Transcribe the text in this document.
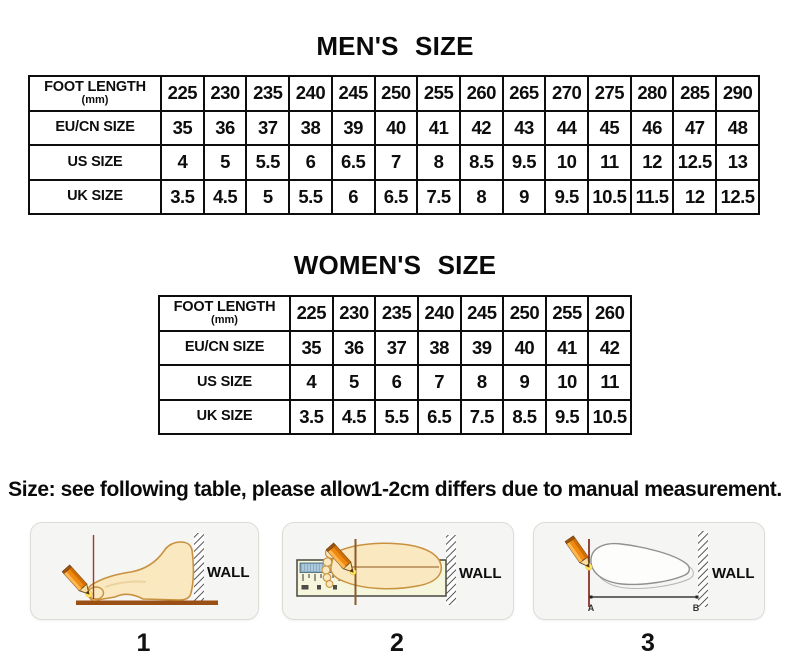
MEN'S SIZE
FOOT LENGTH
(mm)	225	230	235	240	245	250	255	260	265	270	275	280	285	290

EU/CN SIZE	35	36	37	38	39	40	41	42	43	44	45	46	47	48

US SIZE	4	5	5.5	6	6.5	7	8	8.5	9.5	10	11	12	12.5	13

UK SIZE	3.5	4.5	5	5.5	6	6.5	7.5	8	9	9.5	10.5	11.5	12	12.5
WOMEN'S SIZE
FOOT LENGTH
(mm)	225	230	235	240	245	250	255	260

EU/CN SIZE	35	36	37	38	39	40	41	42

US SIZE	4	5	6	7	8	9	10	11

UK SIZE	3.5	4.5	5.5	6.5	7.5	8.5	9.5	10.5
Size: see following table, please allow1-2cm differs due to manual measurement.
WALL	WALL	WALL
A	B
1	2	3
